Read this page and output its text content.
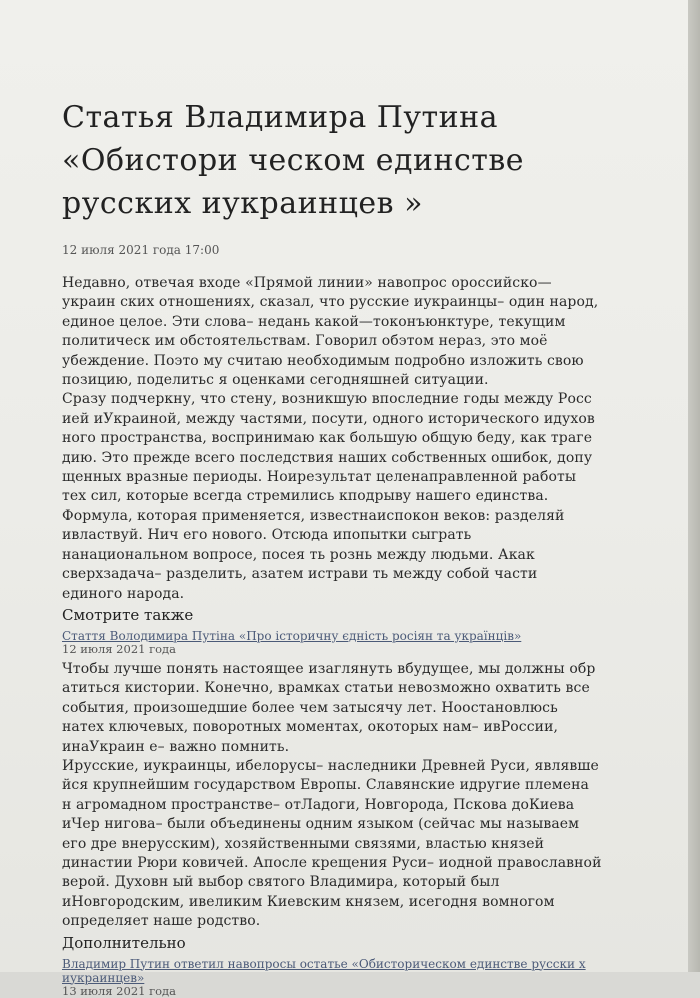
Статья Владимира Путина «Обистори ческом единстве русских иукраинцев »
12 июля 2021 года 17:00

Недавно, отвечая входе «Прямой линии» навопрос ороссийско—украин ских отношениях, сказал, что русские иукраинцы– один народ, единое целое. Эти слова– недань какой—токонъюнктуре, текущим политическ им обстоятельствам. Говорил обэтом нераз, это моё убеждение. Поэто му считаю необходимым подробно изложить свою позицию, поделитьс я оценками сегодняшней ситуации.

Сразу подчеркну, что стену, возникшую впоследние годы между Росс ией иУкраиной, между частями, посути, одного исторического идухов ного пространства, воспринимаю как большую общую беду, как траге дию. Это прежде всего последствия наших собственных ошибок, допу щенных вразные периоды. Ноирезультат целенаправленной работы тех сил, которые всегда стремились кподрыву нашего единства. Формула, которая применяется, известнаиспокон веков: разделяй ивластвуй. Нич его нового. Отсюда ипопытки сыграть нанациональном вопросе, посея ть рознь между людьми. Акак сверхзадача– разделить, азатем истрави ть между собой части единого народа.

Смотрите также
Стаття Володимира Путіна «Про історичну єдність росіян та українців»
12 июля 2021 года

Чтобы лучше понять настоящее изаглянуть вбудущее, мы должны обр атиться кистории. Конечно, врамках статьи невозможно охватить все события, произошедшие более чем затысячу лет. Ноостановлюсь натех ключевых, поворотных моментах, окоторых нам– ивРоссии, инаУкраин е– важно помнить.

Ирусские, иукраинцы, ибелорусы– наследники Древней Руси, являвше йся крупнейшим государством Европы. Славянские идругие племена н агромадном пространстве– отЛадоги, Новгорода, Пскова доКиева иЧер нигова– были объединены одним языком (сейчас мы называем его дре внерусским), хозяйственными связями, властью князей династии Рюри ковичей. Апосле крещения Руси– иодной православной верой. Духовн ый выбор святого Владимира, который был иНовгородским, ивеликим Киевским князем, исегодня вомногом определяет наше родство.

Дополнительно
Владимир Путин ответил навопросы остатье «Обисторическом единстве русски х иукраинцев»
13 июля 2021 года
